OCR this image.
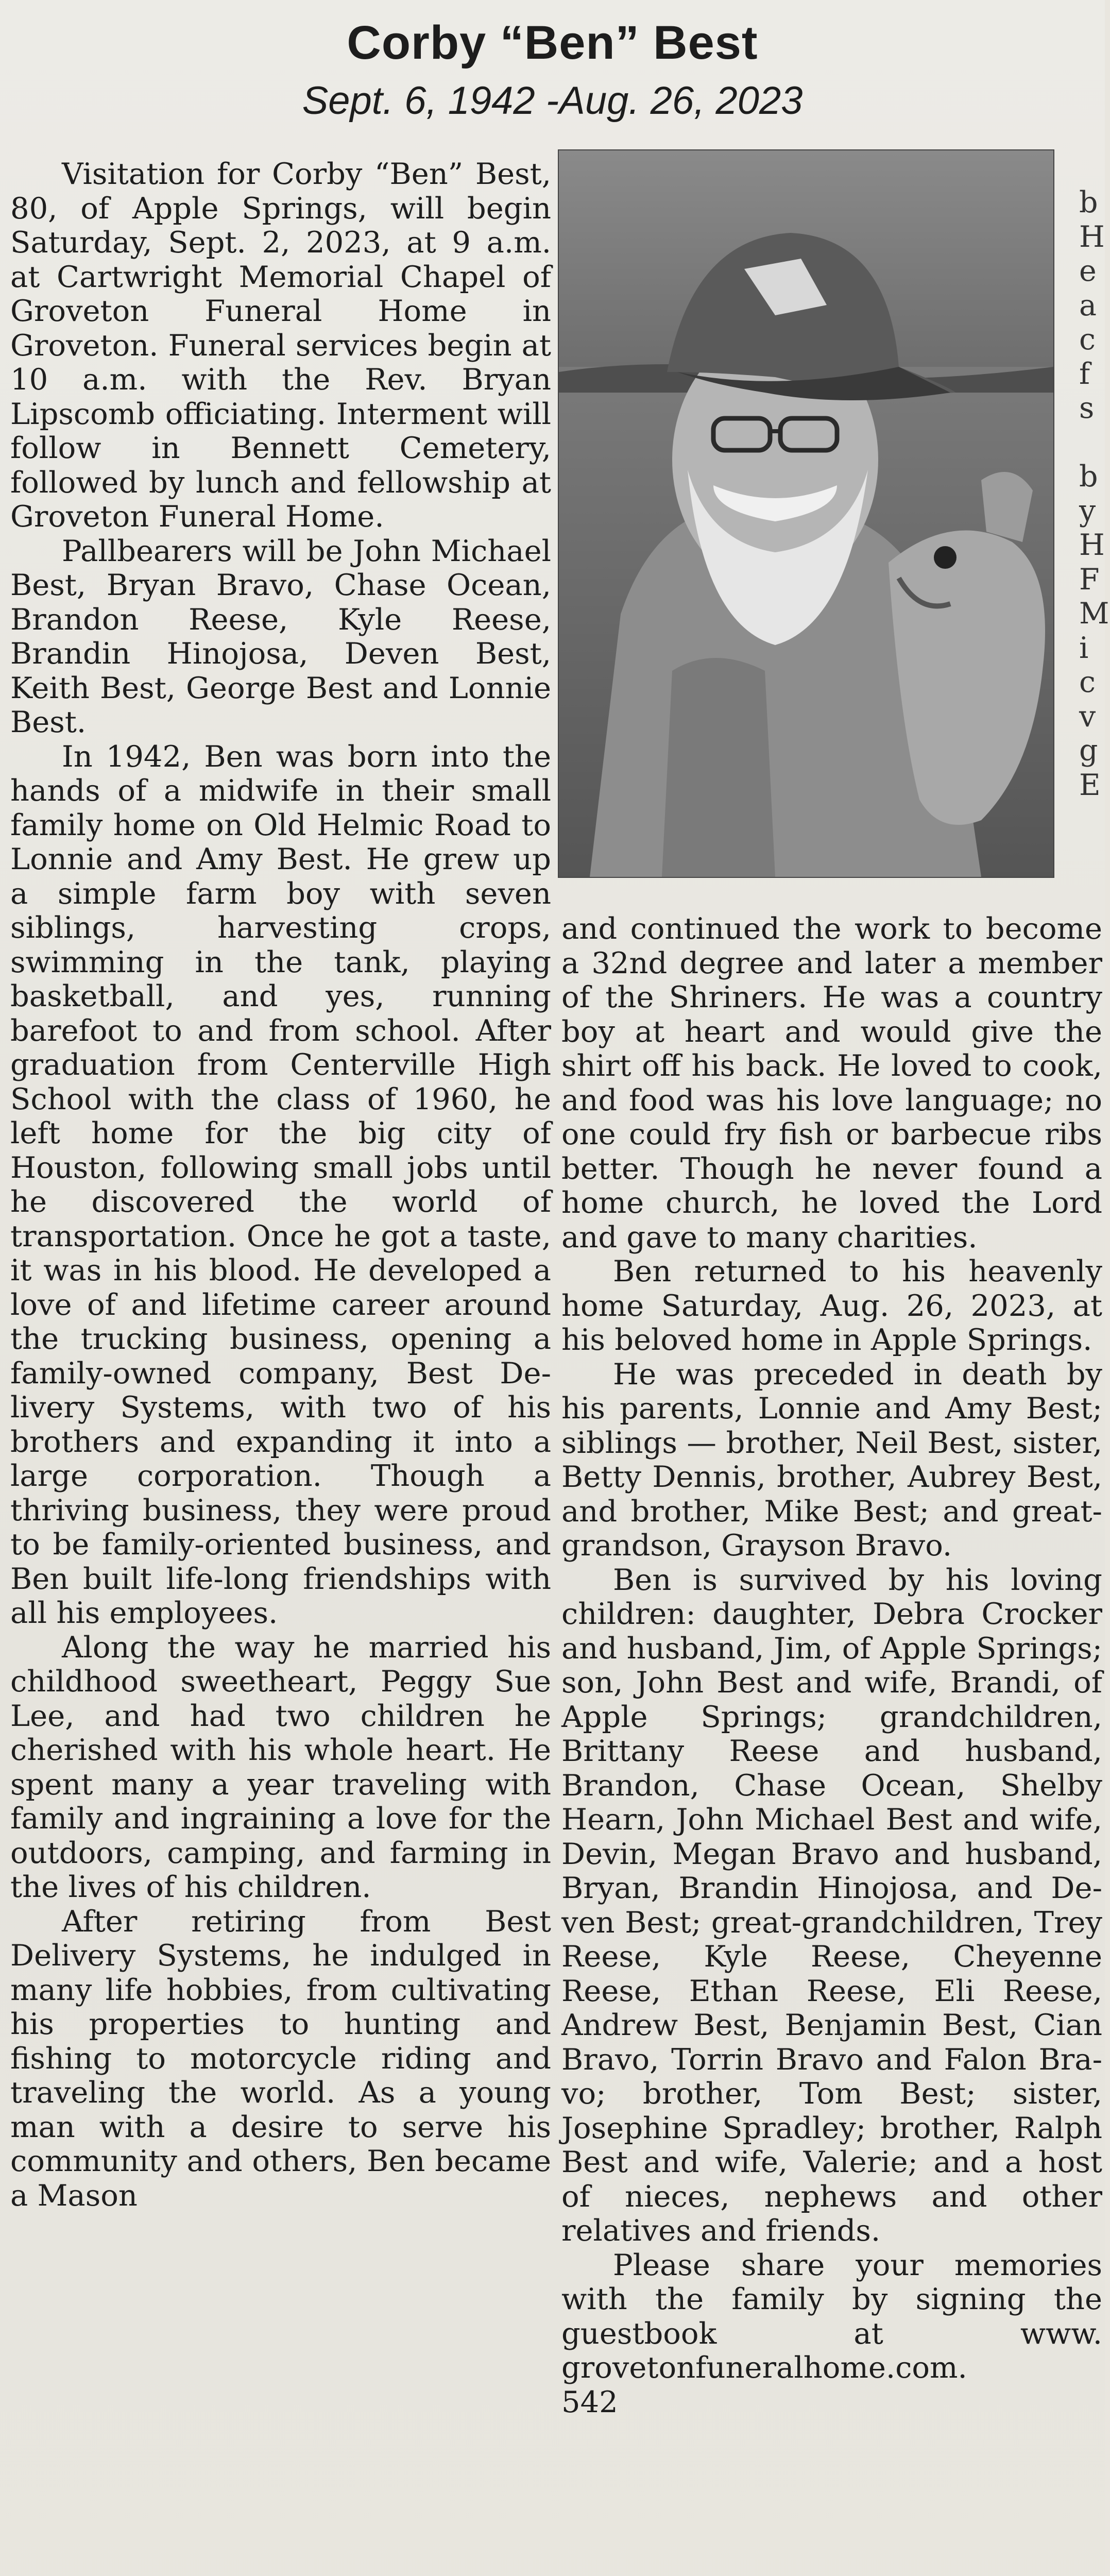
Corby “Ben” Best
Sept. 6, 1942 -Aug. 26, 2023

Visitation for Corby “Ben” Best, 80, of Apple Springs, will begin Saturday, Sept. 2, 2023, at 9 a.m. at Cartwright Memorial Chapel of Groveton Funeral Home in Groveton. Funeral services begin at 10 a.m. with the Rev. Bryan Lipscomb officiating. Interment will follow in Bennett Cemetery, followed by lunch and fellowship at Groveton Funeral Home.

Pallbearers will be John Michael Best, Bryan Bravo, Chase Ocean, Brandon Reese, Kyle Reese, Brandin Hinojosa, Deven Best, Keith Best, George Best and Lonnie Best.

In 1942, Ben was born into the hands of a midwife in their small family home on Old Helmic Road to Lonnie and Amy Best. He grew up a simple farm boy with seven siblings, harvesting crops, swimming in the tank, playing basketball, and yes, running barefoot to and from school. After graduation from Centerville High School with the class of 1960, he left home for the big city of Houston, following small jobs until he discovered the world of transportation. Once he got a taste, it was in his blood. He developed a love of and lifetime career around the trucking business, opening a family-owned company, Best Delivery Systems, with two of his brothers and expanding it into a large corporation. Though a thriving business, they were proud to be family-oriented business, and Ben built life-long friendships with all his employees.

Along the way he married his childhood sweetheart, Peggy Sue Lee, and had two children he cherished with his whole heart. He spent many a year traveling with family and ingraining a love for the outdoors, camping, and farming in the lives of his children.

After retiring from Best Delivery Systems, he indulged in many life hobbies, from cultivating his properties to hunting and fishing to motorcycle riding and traveling the world. As a young man with a desire to serve his community and others, Ben became a Mason

and continued the work to become a 32nd degree and later a member of the Shriners. He was a country boy at heart and would give the shirt off his back. He loved to cook, and food was his love language; no one could fry fish or barbecue ribs better. Though he never found a home church, he loved the Lord and gave to many charities.

Ben returned to his heavenly home Saturday, Aug. 26, 2023, at his beloved home in Apple Springs.

He was preceded in death by his parents, Lonnie and Amy Best; siblings — brother, Neil Best, sister, Betty Dennis, brother, Aubrey Best, and brother, Mike Best; and great-grandson, Grayson Bravo.

Ben is survived by his loving children: daughter, Debra Crocker and husband, Jim, of Apple Springs; son, John Best and wife, Brandi, of Apple Springs; grandchildren, Brittany Reese and husband, Brandon, Chase Ocean, Shelby Hearn, John Michael Best and wife, Devin, Megan Bravo and husband, Bryan, Brandin Hinojosa, and Deven Best; great-grandchildren, Trey Reese, Kyle Reese, Cheyenne Reese, Ethan Reese, Eli Reese, Andrew Best, Benjamin Best, Cian Bravo, Torrin Bravo and Falon Bravo; brother, Tom Best; sister, Josephine Spradley; brother, Ralph Best and wife, Valerie; and a host of nieces, nephews and other relatives and friends.

Please share your memories with the family by signing the guestbook at www. grovetonfuneralhome.com.

542

b
H
e
a
c
f
s

b
y
H
F
M
i
c
v
g
E
